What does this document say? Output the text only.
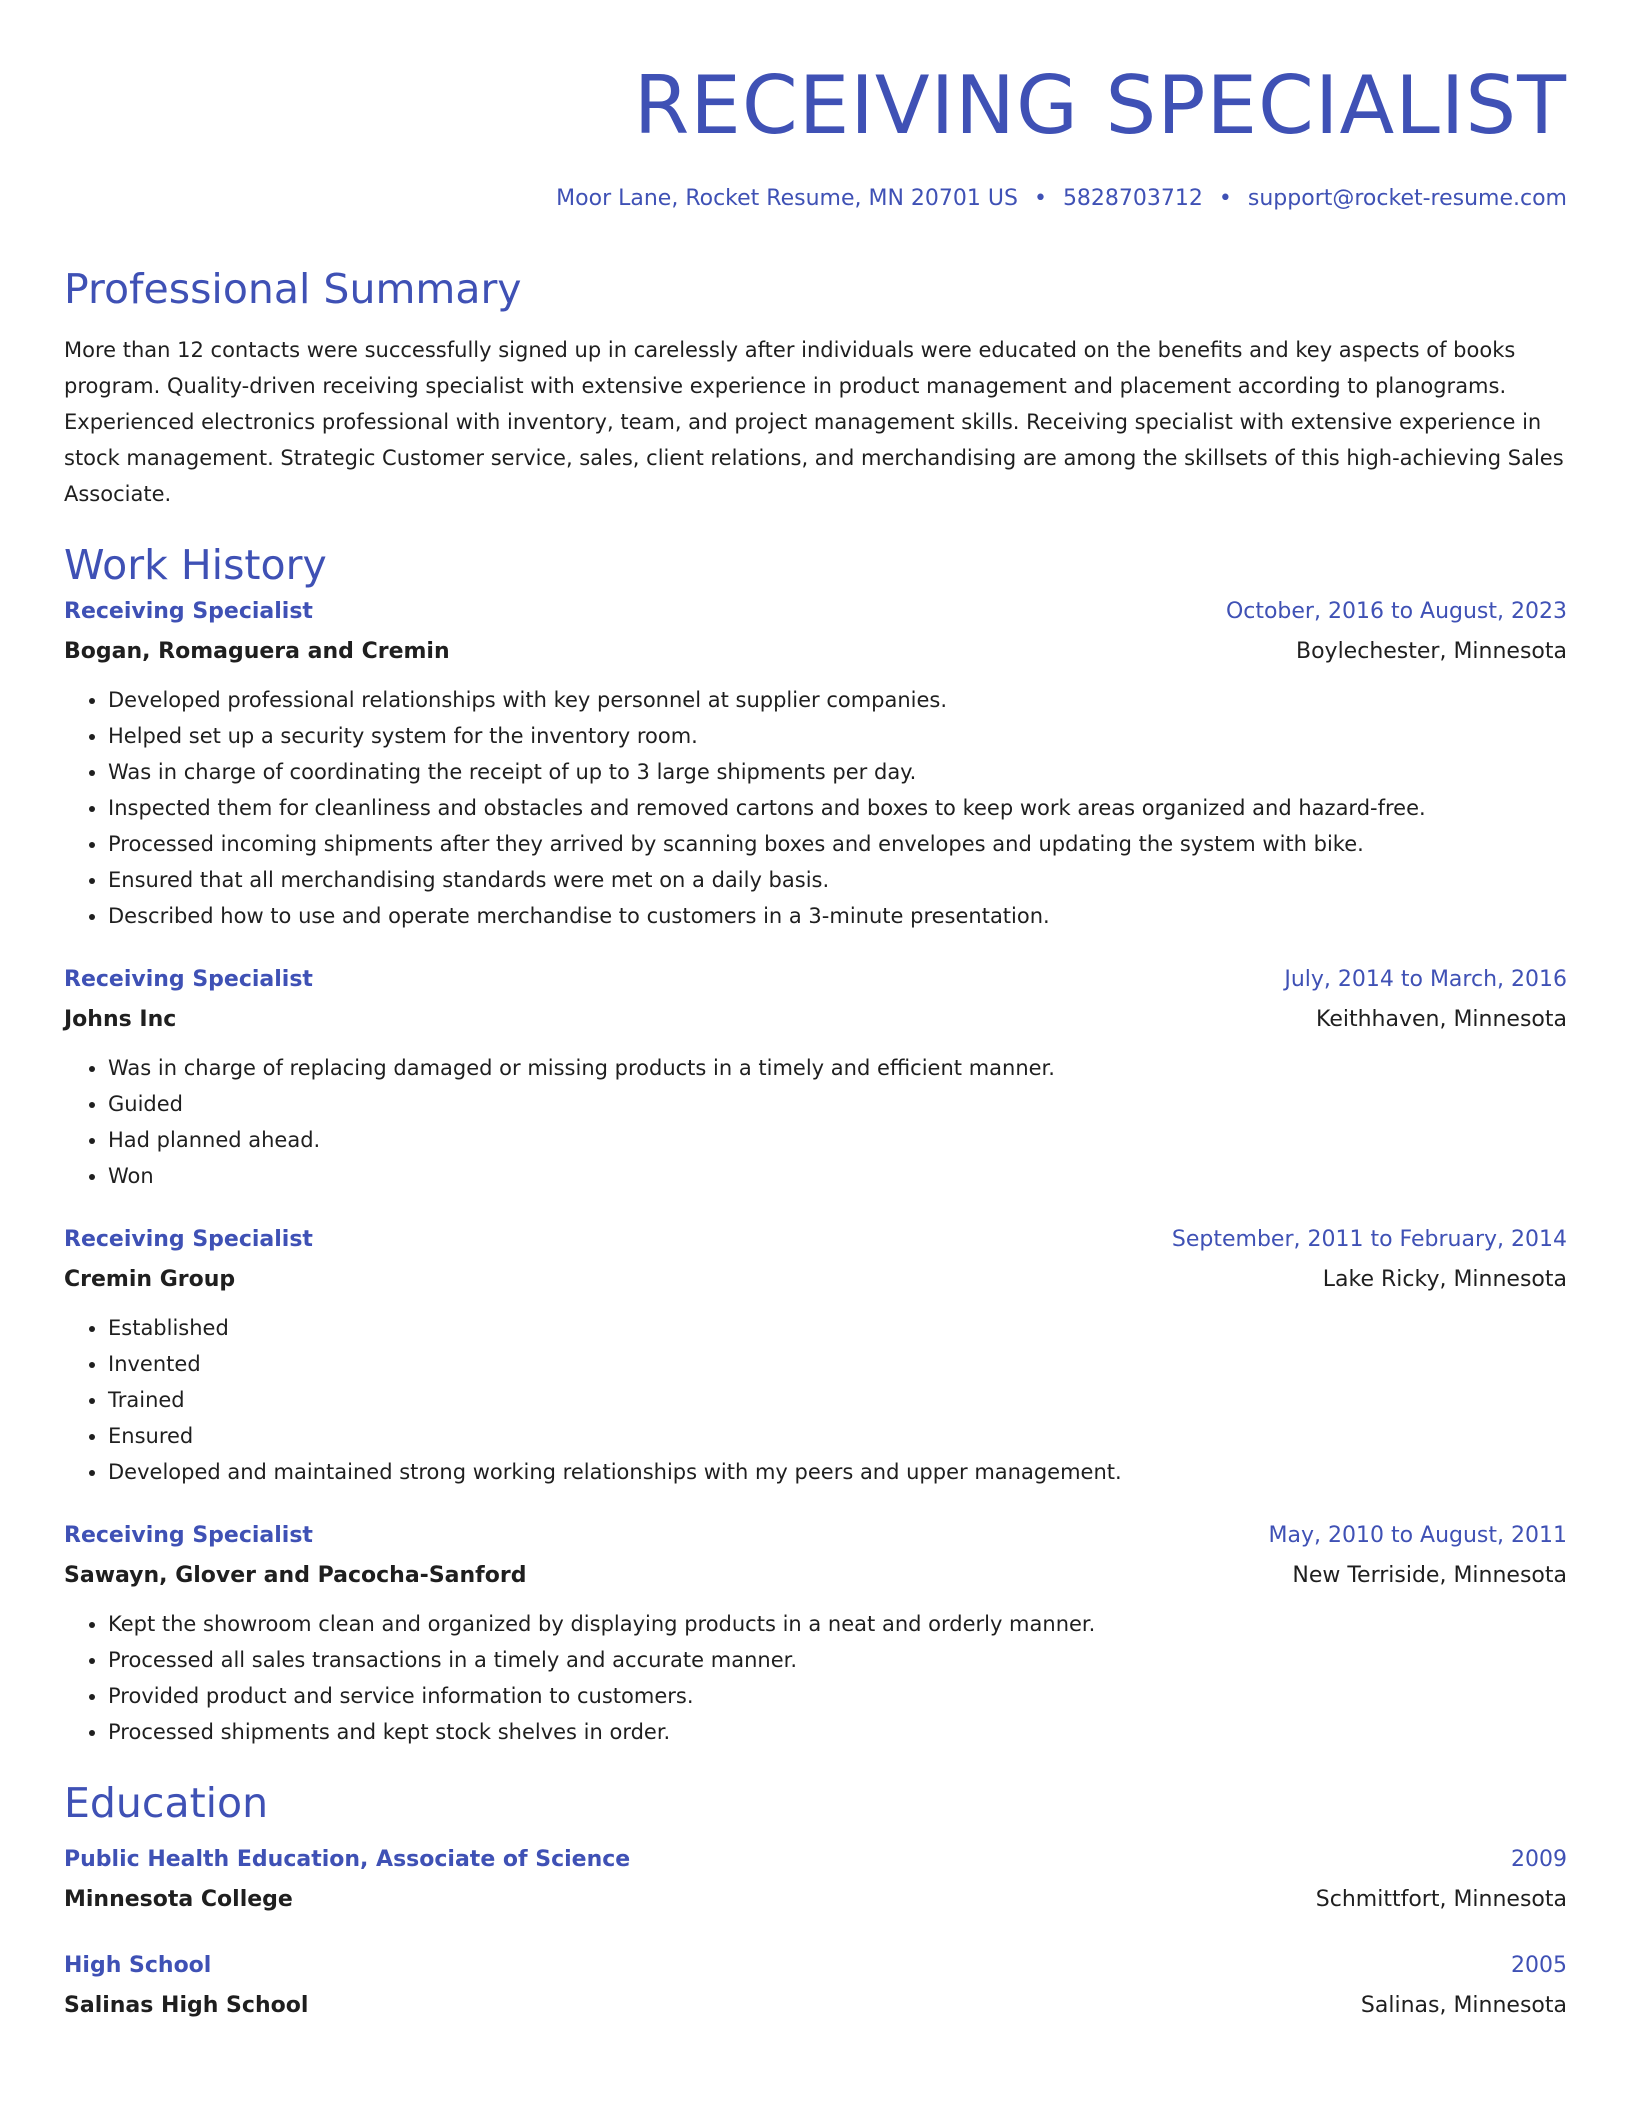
RECEIVING SPECIALIST
Moor Lane, Rocket Resume, MN 20701 US • 5828703712 • support@rocket-resume.com
Professional Summary
More than 12 contacts were successfully signed up in carelessly after individuals were educated on the benefits and key aspects of books program. Quality-driven receiving specialist with extensive experience in product management and placement according to planograms. Experienced electronics professional with inventory, team, and project management skills. Receiving specialist with extensive experience in stock management. Strategic Customer service, sales, client relations, and merchandising are among the skillsets of this high-achieving Sales Associate.
Work History
Receiving Specialist	October, 2016 to August, 2023
Bogan, Romaguera and Cremin	Boylechester, Minnesota
• Developed professional relationships with key personnel at supplier companies.
• Helped set up a security system for the inventory room.
• Was in charge of coordinating the receipt of up to 3 large shipments per day.
• Inspected them for cleanliness and obstacles and removed cartons and boxes to keep work areas organized and hazard-free.
• Processed incoming shipments after they arrived by scanning boxes and envelopes and updating the system with bike.
• Ensured that all merchandising standards were met on a daily basis.
• Described how to use and operate merchandise to customers in a 3-minute presentation.
Receiving Specialist	July, 2014 to March, 2016
Johns Inc	Keithhaven, Minnesota
• Was in charge of replacing damaged or missing products in a timely and efficient manner.
• Guided
• Had planned ahead.
• Won
Receiving Specialist	September, 2011 to February, 2014
Cremin Group	Lake Ricky, Minnesota
• Established
• Invented
• Trained
• Ensured
• Developed and maintained strong working relationships with my peers and upper management.
Receiving Specialist	May, 2010 to August, 2011
Sawayn, Glover and Pacocha-Sanford	New Terriside, Minnesota
• Kept the showroom clean and organized by displaying products in a neat and orderly manner.
• Processed all sales transactions in a timely and accurate manner.
• Provided product and service information to customers.
• Processed shipments and kept stock shelves in order.
Education
Public Health Education, Associate of Science	2009
Minnesota College	Schmittfort, Minnesota
High School	2005
Salinas High School	Salinas, Minnesota
